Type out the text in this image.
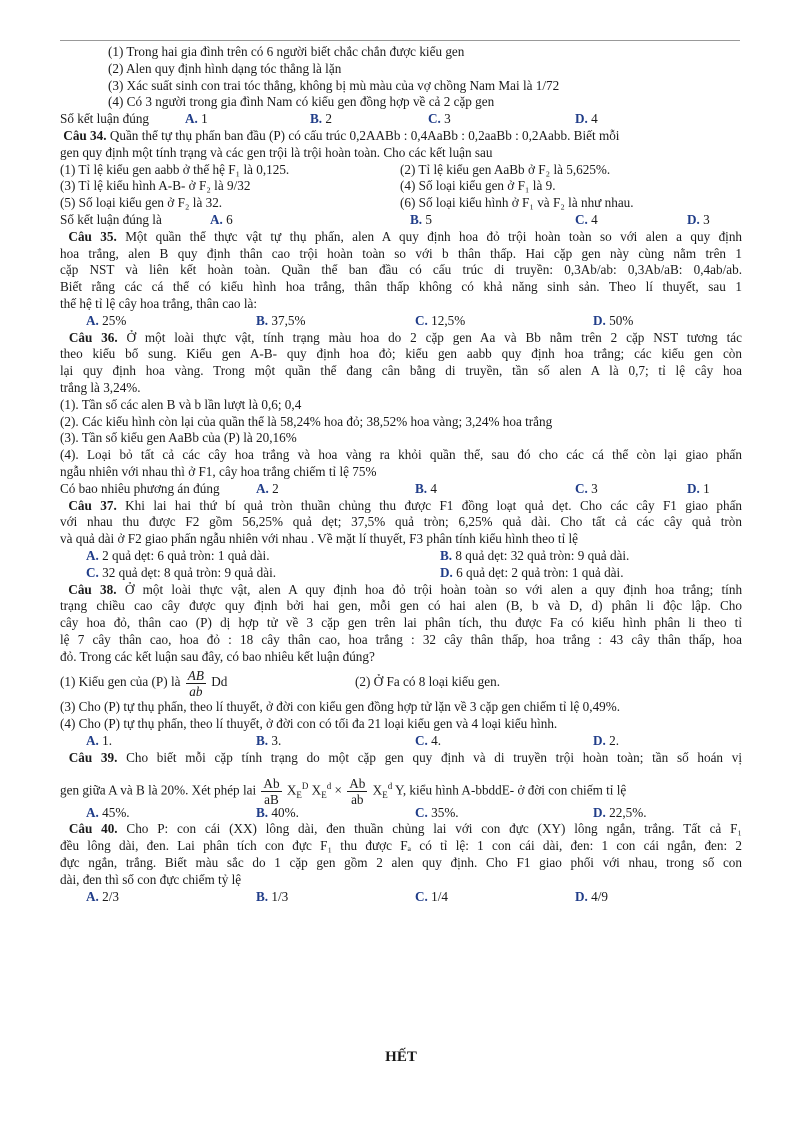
(1) Trong hai gia đình trên có 6 người biết chắc chắn được kiểu gen
(2) Alen quy định hình dạng tóc thẳng là lặn
(3) Xác suất sinh con trai tóc thẳng, không bị mù màu của vợ chồng Nam Mai là 1/72
(4) Có 3 người trong gia đình Nam có kiểu gen đồng hợp về cả 2 cặp gen
Số kết luận đúng	A. 1	B. 2	C. 3	D. 4
Câu 34. Quần thể tự thụ phấn ban đầu (P) có cấu trúc 0,2AABb : 0,4AaBb : 0,2aaBb : 0,2Aabb. Biết mỗi
gen quy định một tính trạng và các gen trội là trội hoàn toàn. Cho các kết luận sau
(1) Tỉ lệ kiểu gen aabb ở thế hệ F₁ là 0,125.	(2) Tỉ lệ kiểu gen AaBb ở F₂ là 5,625%.
(3) Tỉ lệ kiểu hình A-B- ở F₂ là 9/32	(4) Số loại kiểu gen ở F₁ là 9.
(5) Số loại kiểu gen ở F₂ là 32.	(6) Số loại kiểu hình ở F₁ và F₂ là như nhau.
Số kết luận đúng là	A. 6	B. 5	C. 4	D. 3
Câu 35. Một quần thể thực vật tự thụ phấn, alen A quy định hoa đỏ trội hoàn toàn so với alen a quy định
hoa trắng, alen B quy định thân cao trội hoàn toàn so với b thân thấp. Hai cặp gen này cùng nằm trên 1
cặp NST và liên kết hoàn toàn. Quần thể ban đầu có cấu trúc di truyền: 0,3Ab/ab: 0,3Ab/aB: 0,4ab/ab.
Biết rằng các cá thể có kiểu hình hoa trắng, thân thấp không có khả năng sinh sản. Theo lí thuyết, sau 1
thế hệ tỉ lệ cây hoa trắng, thân cao là:
A. 25%	B. 37,5%	C. 12,5%	D. 50%
Câu 36. Ở một loài thực vật, tính trạng màu hoa do 2 cặp gen Aa và Bb nằm trên 2 cặp NST tương tác
theo kiểu bổ sung. Kiểu gen A-B- quy định hoa đỏ; kiểu gen aabb quy định hoa trắng; các kiểu gen còn
lại quy định hoa vàng. Trong một quần thể đang cân bằng di truyền, tần số alen A là 0,7; tỉ lệ cây hoa
trắng là 3,24%.
(1). Tần số các alen B và b lần lượt là 0,6; 0,4
(2). Các kiểu hình còn lại của quần thể là 58,24% hoa đỏ; 38,52% hoa vàng; 3,24% hoa trắng
(3). Tần số kiểu gen AaBb của (P) là 20,16%
(4). Loại bỏ tất cả các cây hoa trắng và hoa vàng ra khỏi quần thể, sau đó cho các cá thể còn lại giao phấn
ngẫu nhiên với nhau thì ở F1, cây hoa trắng chiếm tỉ lệ 75%
Có bao nhiêu phương án đúng	A. 2	B. 4	C. 3	D. 1
Câu 37. Khi lai hai thứ bí quả tròn thuần chủng thu được F1 đồng loạt quả dẹt. Cho các cây F1 giao phấn
với nhau thu được F2 gồm 56,25% quả dẹt; 37,5% quả tròn; 6,25% quả dài. Cho tất cả các cây quả tròn
và quả dài ở F2 giao phấn ngẫu nhiên với nhau . Về mặt lí thuyết, F3 phân tính kiểu hình theo tỉ lệ
A. 2 quả dẹt: 6 quả tròn: 1 quả dài.	B. 8 quả dẹt: 32 quả tròn: 9 quả dài.
C. 32 quả dẹt: 8 quả tròn: 9 quả dài.	D. 6 quả dẹt: 2 quả tròn: 1 quả dài.
Câu 38. Ở một loài thực vật, alen A quy định hoa đỏ trội hoàn toàn so với alen a quy định hoa trắng; tính
trạng chiều cao cây được quy định bởi hai gen, mỗi gen có hai alen (B, b và D, d) phân li độc lập. Cho
cây hoa đỏ, thân cao (P) dị hợp tử về 3 cặp gen trên lai phân tích, thu được Fa có kiểu hình phân li theo tỉ
lệ 7 cây thân cao, hoa đỏ : 18 cây thân cao, hoa trắng : 32 cây thân thấp, hoa trắng : 43 cây thân thấp, hoa
đỏ. Trong các kết luận sau đây, có bao nhiêu kết luận đúng?
(1) Kiểu gen của (P) là $\frac{AB}{ab}$ Dd	(2) Ở Fa có 8 loại kiểu gen.
(3) Cho (P) tự thụ phấn, theo lí thuyết, ở đời con kiểu gen đồng hợp tử lặn về 3 cặp gen chiếm tỉ lệ 0,49%.
(4) Cho (P) tự thụ phấn, theo lí thuyết, ở đời con có tối đa 21 loại kiểu gen và 4 loại kiểu hình.
A. 1.	B. 3.	C. 4.	D. 2.
Câu 39. Cho biết mỗi cặp tính trạng do một cặp gen quy định và di truyền trội hoàn toàn; tần số hoán vị
gen giữa A và B là 20%. Xét phép lai $\frac{Ab}{aB} X_E^D$ $X_E^d \times \frac{Ab}{ab} X_E^d$ Y, kiểu hình A-bbddE- ở đời con chiếm tỉ lệ
A. 45%.	B. 40%.	C. 35%.	D. 22,5%.
Câu 40. Cho P: con cái (XX) lông dài, đen thuần chủng lai với con đực (XY) lông ngắn, trắng. Tất cả F₁
đều lông dài, đen. Lai phân tích con đực F₁ thu được Fₐ có tỉ lệ: 1 con cái dài, đen: 1 con cái ngắn, đen: 2
đực ngắn, trắng. Biết màu sắc do 1 cặp gen gồm 2 alen quy định. Cho F1 giao phối với nhau, trong số con
dài, đen thì số con đực chiếm tỷ lệ
A. 2/3	B. 1/3	C. 1/4	D. 4/9
HẾT
